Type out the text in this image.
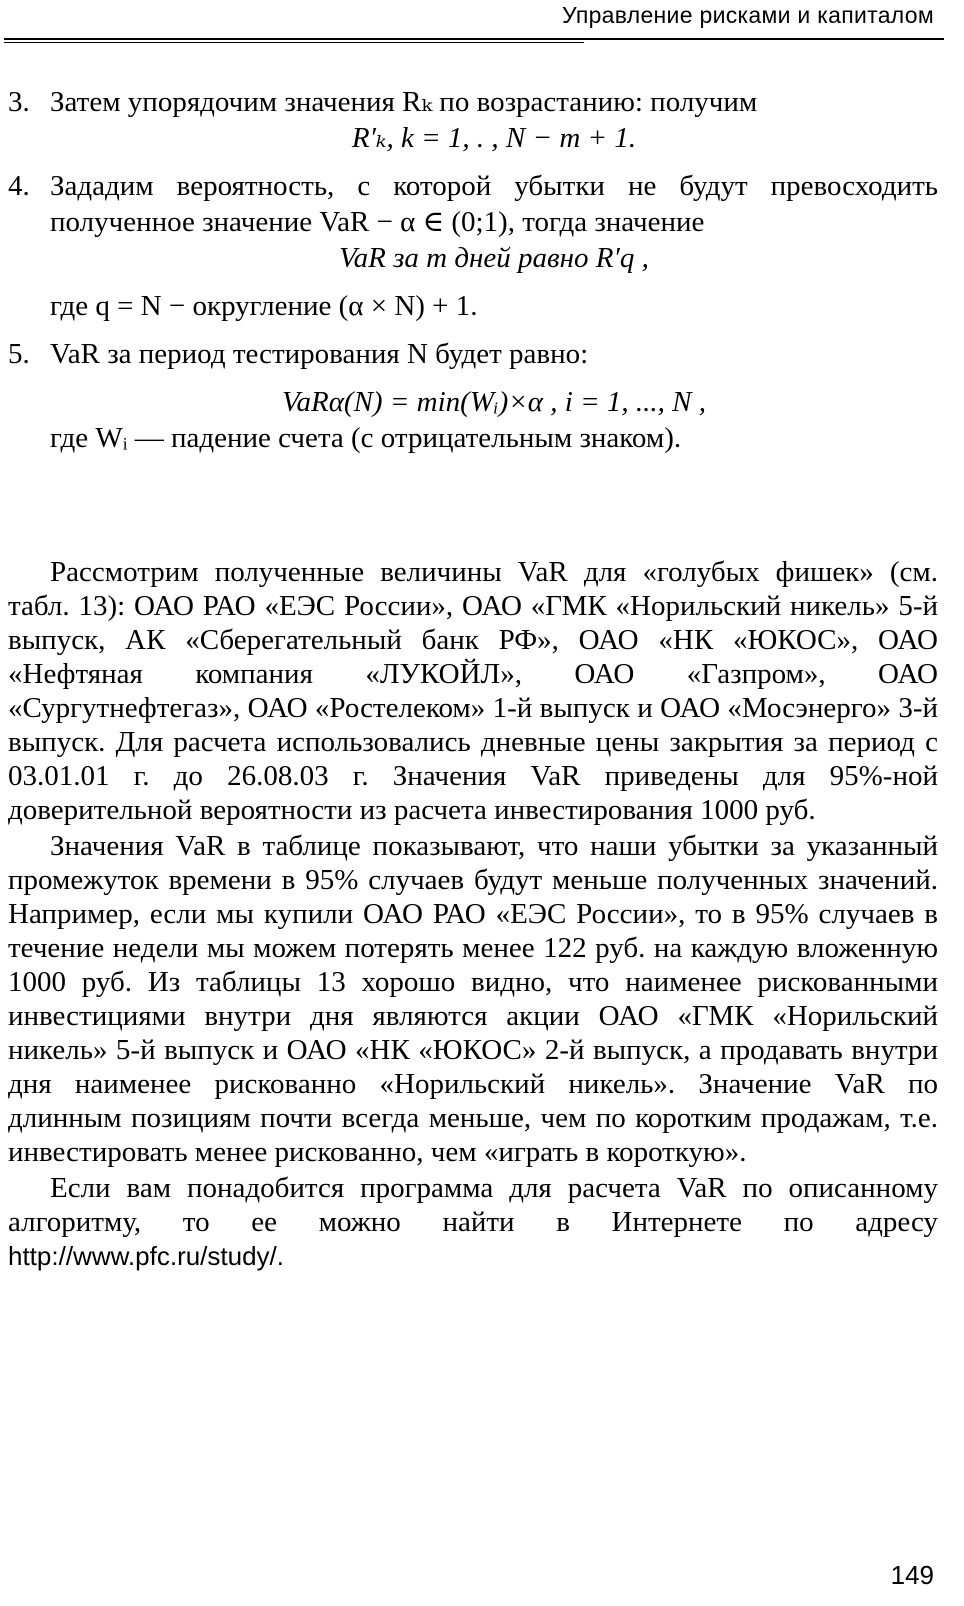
Управление рисками и капиталом
3. Затем упорядочим значения Rₖ по возрастанию: получим
R′ₖ, k = 1, . , N − m + 1.
4. Зададим вероятность, с которой убытки не будут превосходить полученное значение VaR − α ∈ (0;1), тогда значение
VaR за m дней равно R′q ,
где q = N − округление (α × N) + 1.
5. VaR за период тестирования N будет равно:
VaRα(N) = min(Wᵢ)×α , i = 1, ..., N ,
где Wᵢ — падение счета (с отрицательным знаком).

Рассмотрим полученные величины VaR для «голубых фишек» (см. табл. 13): ОАО РАО «ЕЭС России», ОАО «ГМК «Норильский никель» 5-й выпуск, АК «Сберегательный банк РФ», ОАО «НК «ЮКОС», ОАО «Нефтяная компания «ЛУКОЙЛ», ОАО «Газпром», ОАО «Сургутнефтегаз», ОАО «Ростелеком» 1-й выпуск и ОАО «Мосэнерго» 3-й выпуск. Для расчета использовались дневные цены закрытия за период с 03.01.01 г. до 26.08.03 г. Значения VaR приведены для 95%-ной доверительной вероятности из расчета инвестирования 1000 руб.

Значения VaR в таблице показывают, что наши убытки за указанный промежуток времени в 95% случаев будут меньше полученных значений. Например, если мы купили ОАО РАО «ЕЭС России», то в 95% случаев в течение недели мы можем потерять менее 122 руб. на каждую вложенную 1000 руб. Из таблицы 13 хорошо видно, что наименее рискованными инвестициями внутри дня являются акции ОАО «ГМК «Норильский никель» 5-й выпуск и ОАО «НК «ЮКОС» 2-й выпуск, а продавать внутри дня наименее рискованно «Норильский никель». Значение VaR по длинным позициям почти всегда меньше, чем по коротким продажам, т.е. инвестировать менее рискованно, чем «играть в короткую».

Если вам понадобится программа для расчета VaR по описанному алгоритму, то ее можно найти в Интернете по адресу http://www.pfc.ru/study/.

149
